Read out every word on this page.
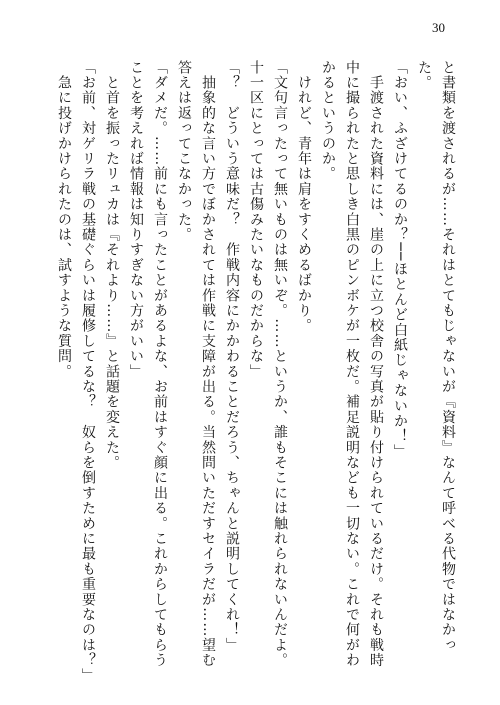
30
と書類を渡されるが……それはとてもじゃないが『資料』なんて呼べる代物ではなかっ
た。
「おい、ふざけてるのか？──ほとんど白紙じゃないか！」
　手渡された資料には、崖の上に立つ校舎の写真が貼り付けられているだけ。それも戦時
中に撮られたと思しき白黒のピンボケが一枚だ。補足説明なども一切ない。これで何がわ
かるというのか。
　けれど、青年は肩をすくめるばかり。
「文句言ったって無いものは無いぞ。……というか、誰もそこには触れられないんだよ。
十一区にとっては古傷みたいなものだからな」
「？　どういう意味だ？　作戦内容にかかわることだろう、ちゃんと説明してくれ！」
　抽象的な言い方でぼかされては作戦に支障が出る。当然問いただすセイラだが……望む
答えは返ってこなかった。
「ダメだ。……前にも言ったことがあるよな、お前はすぐ顔に出る。これからしてもらう
ことを考えれば情報は知りすぎない方がいい」
　と首を振ったリュカは『それより……』と話題を変えた。
「お前、対ゲリラ戦の基礎ぐらいは履修してるな？　奴らを倒すために最も重要なのは？」
　急に投げかけられたのは、試すような質問。
